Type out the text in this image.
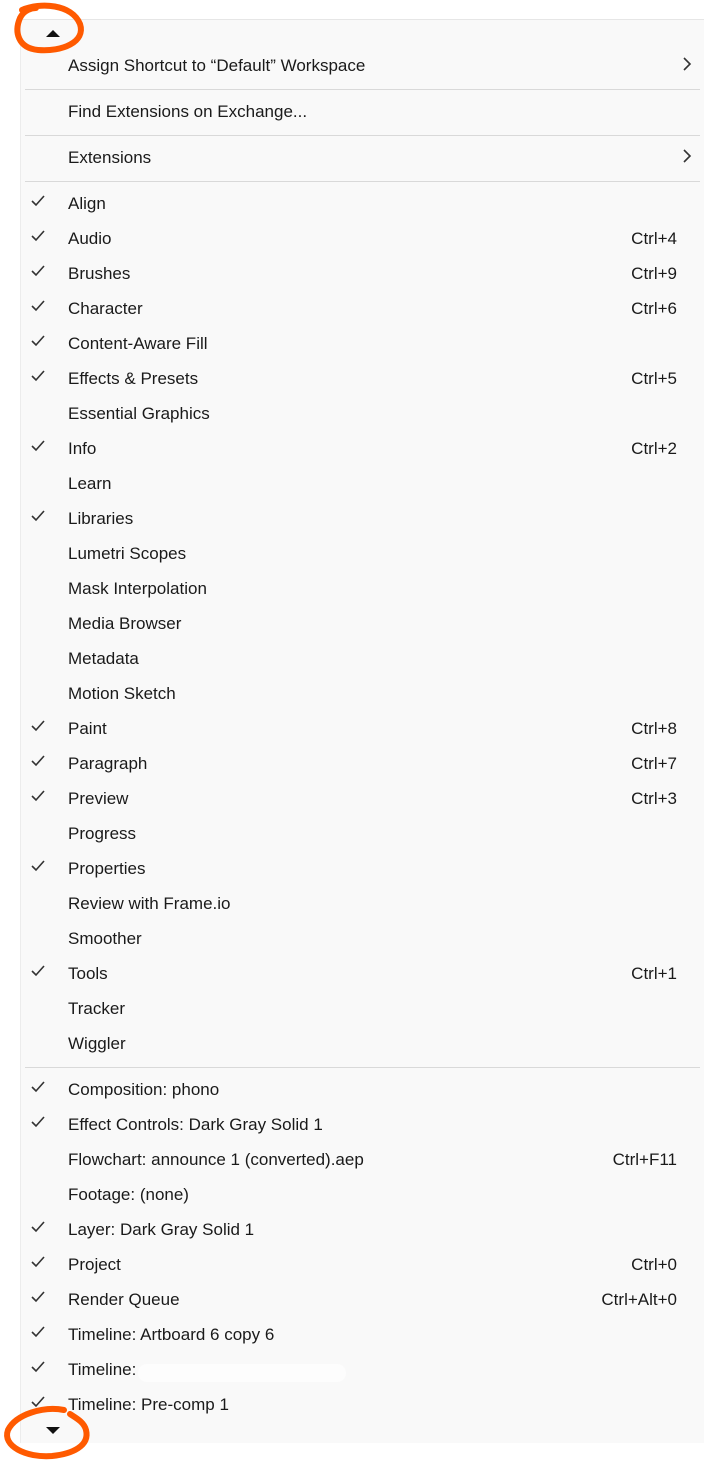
Assign Shortcut to “Default” Workspace
Find Extensions on Exchange...
Extensions
Align
Audio	Ctrl+4
Brushes	Ctrl+9
Character	Ctrl+6
Content-Aware Fill
Effects & Presets	Ctrl+5
Essential Graphics
Info	Ctrl+2
Learn
Libraries
Lumetri Scopes
Mask Interpolation
Media Browser
Metadata
Motion Sketch
Paint	Ctrl+8
Paragraph	Ctrl+7
Preview	Ctrl+3
Progress
Properties
Review with Frame.io
Smoother
Tools	Ctrl+1
Tracker
Wiggler
Composition: phono
Effect Controls: Dark Gray Solid 1
Flowchart: announce 1 (converted).aep	Ctrl+F11
Footage: (none)
Layer: Dark Gray Solid 1
Project	Ctrl+0
Render Queue	Ctrl+Alt+0
Timeline: Artboard 6 copy 6
Timeline:
Timeline: Pre-comp 1
